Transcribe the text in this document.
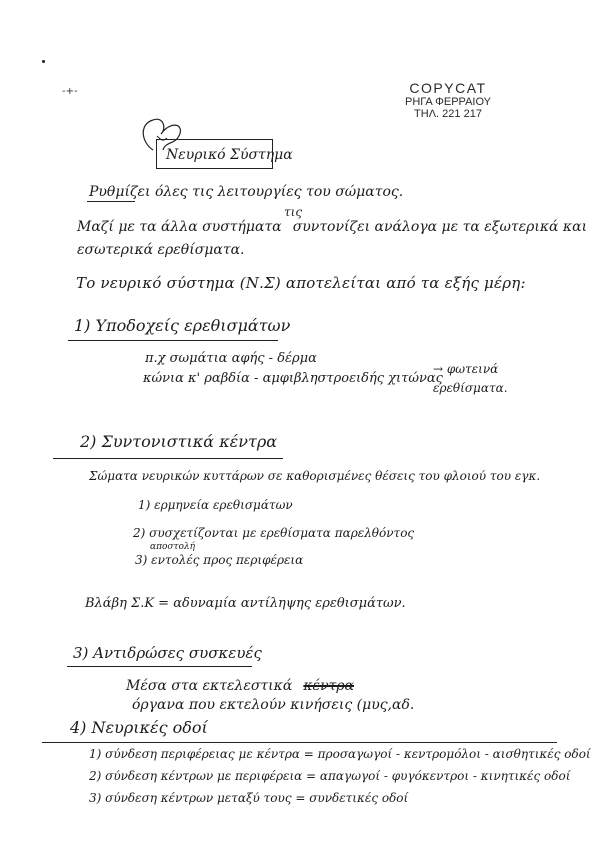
-+-	COPYCAT
ΡΗΓΑ ΦΕΡΡΑΙΟΥ
ΤΗΛ. 221 217
Νευρικό Σύστημα
Ρυθμίζει όλες τις λειτουργίες του σώματος.
Μαζί με τα άλλα συστήματα συντονίζει ανάλογα με τα εξωτερικά και
τις
εσωτερικά ερεθίσματα.
Το νευρικό σύστημα (Ν.Σ) αποτελείται από τα εξής μέρη:
1) Υποδοχείς ερεθισμάτων
π.χ σωμάτια αφής - δέρμα
κώνια κ' ραβδία - αμφιβληστροειδής χιτώνας
→ φωτεινά ερεθίσματα.
2) Συντονιστικά κέντρα
Σώματα νευρικών κυττάρων σε καθορισμένες θέσεις του φλοιού του εγκ.
1) ερμηνεία ερεθισμάτων
2) συσχετίζονται με ερεθίσματα παρελθόντος
3) εντολές προς περιφέρεια
αποστολή
Βλάβη Σ.Κ = αδυναμία αντίληψης ερεθισμάτων.
3) Αντιδρώσες συσκευές
Μέσα στα εκτελεστικά κέντρα όργανα που εκτελούν κινήσεις (μυς,αδ.
4) Νευρικές οδοί
1) σύνδεση περιφέρειας με κέντρα = προσαγωγοί - κεντρομόλοι - αισθητικές οδοί
2) σύνδεση κέντρων με περιφέρεια = απαγωγοί - φυγόκεντροι - κινητικές οδοί
3) σύνδεση κέντρων μεταξύ τους = συνδετικές οδοί
